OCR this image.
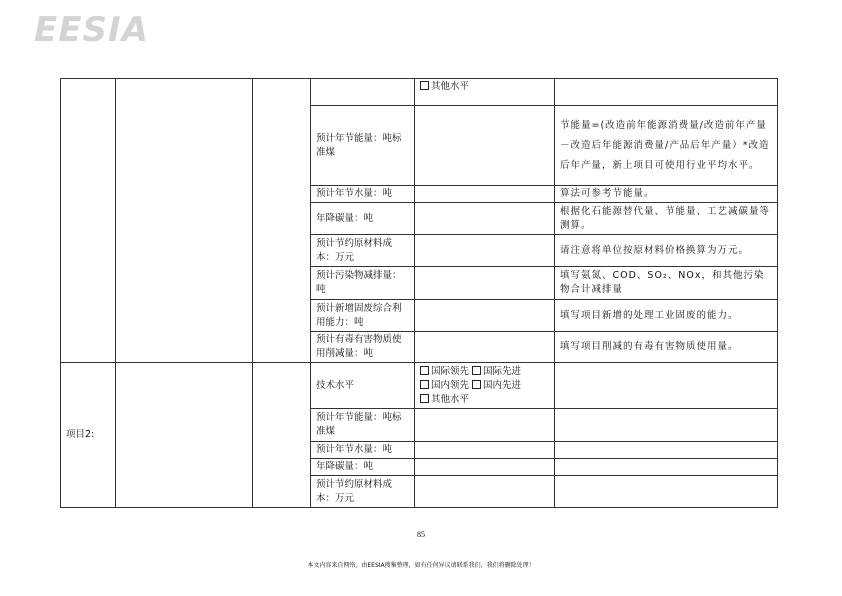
EESIA
				其他水平	
			预计年节能量：吨标准煤		节能量=(改造前年能源消费量/改造前年产量－改造后年能源消费量/产品后年产量）*改造后年产量，新上项目可使用行业平均水平。
			预计年节水量：吨		算法可参考节能量。
			年降碳量：吨		根据化石能源替代量、节能量、工艺减碳量等测算。
			预计节约原材料成本：万元		请注意将单位按原材料价格换算为万元。
			预计污染物减排量：吨		填写氨氮、COD、SO₂、NOx，和其他污染物合计减排量
			预计新增固废综合利用能力：吨		填写项目新增的处理工业固废的能力。
			预计有毒有害物质使用削减量：吨		填写项目削减的有毒有害物质使用量。
项目2:			技术水平	国际领先 国际先进
国内领先 国内先进
其他水平	

			预计年节能量：吨标准煤		
			预计年节水量：吨		
			年降碳量：吨		
			预计节约原材料成本：万元		
85
本文内容来自网络，由EESIA搜集整理，如有任何异议请联系我们，我们将删除处理！
